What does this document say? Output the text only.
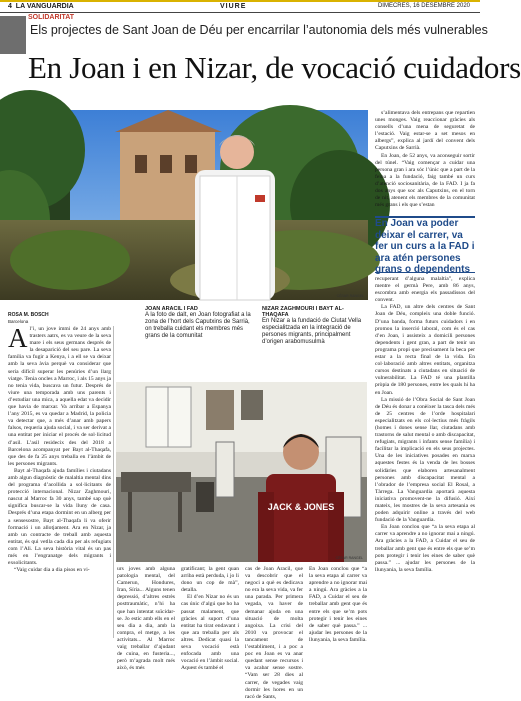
4 LA VANGUARDIA	VIURE	DIMECRES, 16 DESEMBRE 2020
SOLIDARITAT
Els projectes de Sant Joan de Déu per encarrilar l’autonomia dels més vulnerables
En Joan i en Nizar, de vocació cuidadors
CÉSAR RANGEL

s’alimentava dels entrepans que repartien unes monges. Vaig reaccionar gràcies als consells d’una mena de seguretat de l’estació. Vaig estar-se a set mesos en albergs”, explica al jardí del convent dels Caputxins de Sarrià.

En Joan, de 52 anys, va aconseguir sortir del túnel. “Vaig començar a cuidar una persona gran i ara sóc l’únic que a part de la feina a la fundació, faig també un curs d’atenció sociosanitària, de la FAD. I ja fa dos anys que soc als Caputxins, en el torn de nit, atenent els membres de la comunitat més grans i els que s’estan

En Joan va poder deixar el carrer, va fer un curs a la FAD i ara atén persones grans o dependents

recuperant d’alguna malaltia”, explica mentre el germà Pere, amb 86 anys, escombra amb energia els passadissos del convent.

La FAD, un altre dels centres de Sant Joan de Déu, compleix una doble funció. D’una banda, forma futurs cuidadors i en promou la inserció laboral, com és el cas d’en Joan, i assisteix a domicili persones dependents i gent gran, a part de tenir un programa propi que precisament la beca per estar a la recta final de la vida. En col·laboració amb altres entitats, organitza cursos destinats a ciutadans en situació de vulnerabilitat. La FAD té una plantilla pròpia de 180 persones, entre les quals hi ha en Joan.

La missió de l’Obra Social de Sant Joan de Déu és donar a conèixer la tasca dels més de 25 centres de l’orde hospitalari especialitzats en els col·lectius més fràgils (homes i dones sense llar, ciutadans amb trastorns de salut mental o amb discapacitat, refugiats, migrants i infants sense família) i facilitar la implicació en els seus projectes. Una de les iniciatives posades en marxa aquestes festes és la venda de les bosses solidàries que elaboren artesanalment persones amb discapacitat mental a l’obrador de l’empresa social El Rosal, a Tàrrega. La Vanguardia aportarà aquesta iniciativa promovent-ne la difusió. Així mateix, les mostres de la seva artesania es poden adquirir online a través del web fundació de la Vanguardia.

En Joan conclou que “a la seva etapa al carrer va aprendre a no ignorar mai a ningú. Ara gràcies a la FAD, a Cuidar el seu de treballar amb gent que és entre els que se’m pots protegir i tenir les eines de saber què passa.” ... ajudar les persones de la llunyania, la seva família.

JOAN ARACIL I FAD
A la foto de dalt, en Joan fotografiat a la zona de l’hort dels Caputxins de Sarrià, on treballa cuidant els membres més grans de la comunitat
NIZAR ZAGHMOURI I BAYT AL-THAQAFA
En Nizar a la fundació de Ciutat Vella especialitzada en la integració de persones migrants, principalment d’origen arabomusulmà
ROSA M. BOSCH
Barcelona

Al’i, un jove immi de 24 anys amb trasters aatrs, es va veure de la seva mare i els seus germans després de la desaparició del seu pare. La seva família va fugir a Kenya, i a ell se va deixar amb la seva àvia perquè va considerar que seria difícil superar les penúries d’un llarg viatge. Tenia oncles a Marroc, i als 15 anys ja no tenia vida, buscava un futur. Després de viure una temporada amb uns parents i d’estudiar una mica, a aquella edat va decidir que havia de marxar. Va arribar a Espanya l’any 2015, es va quedar a Madrid, la policia va detectar que, a més d’anar amb papers falsos, requeria ajuda social, i va ser derivat a una entitat per iniciar el procés de sol·licitud d’asil. L’asil residecix des del 2018 a Barcelona acompanyat per Bayt al-Thaqafa, que des de fa 25 anys treballa en l’àmbit de les persones migrants.

Bayt al-Thaqafa ajuda famílies i ciutadans amb algun diagnòstic de malaltia mental dins del programa d’acollida a sol·licitants de protecció internacional. Nizar Zaghmouri, nascut al Marroc fa 30 anys, també sap què significa buscar-se la vida lluny de casa. Després d’una etapa dormint en un alberg per a sensesostre, Bayt al-Thaqafa li va oferir formació i un allotjament. Ara en Nizar, ja amb un contracte de treball amb aquesta entitat, és qui vetlla cada dia per als refugiats com l’Ali. La seva història vital és un pas més en l’engranatge dels migrants i exsolicitants.

“Vaig cuidar dia a dia pisos en vi-

JACK & JONES
CÉSAR RANGEL

urs joves amb alguna patologia mental, del Camerun, Hondures, Iran, Síria... Alguns tenen depressió, d’altres estrès posttraumàtic, n’hi ha que han intentat suïcidar-se. Jo estic amb ells en el seu dia a dia, amb la compra, el metge, a les activitats... Al Marroc vaig treballar d’ajudant de cuina, en fusteria..., però m’agrada molt més això, és més

gratificant; la gent quan arriba està perduda, i jo li dono un cop de mà”, detalla.

El d’en Nizar no és un cas únic d’algú que ho ha passat malament, que gràcies al suport d’una entitat ha tirat endavant i que ara treballa per als altres. Dedicat quasi la seva vocació està enfocada amb una vocació en l’àmbit social. Aquest és també el

cas de Joan Aracil, que va descobrir que el negoci a què es dedicava no era la seva vida, va fer una parada. Per primera vegada, va haver de demanar ajuda en una situació de molta angoixa. La crisi del 2010 va provocar el tancament de l’establiment, i a poc a poc en Joan es va anar quedant sense recursos i va acabar sense sostre. “Vam ser 28 dies al carrer, de vegades vaig dormir les hores en un racó de Sants,

En Joan conclou que “a la seva etapa al carrer va aprendre a no ignorar mai a ningú. Ara gràcies a la FAD, a Cuidar el seu de treballar amb gent que és entre els que se’m pots protegir i tenir les eines de saber què passa.” ... ajudar les persones de la llunyania, la seva família.
